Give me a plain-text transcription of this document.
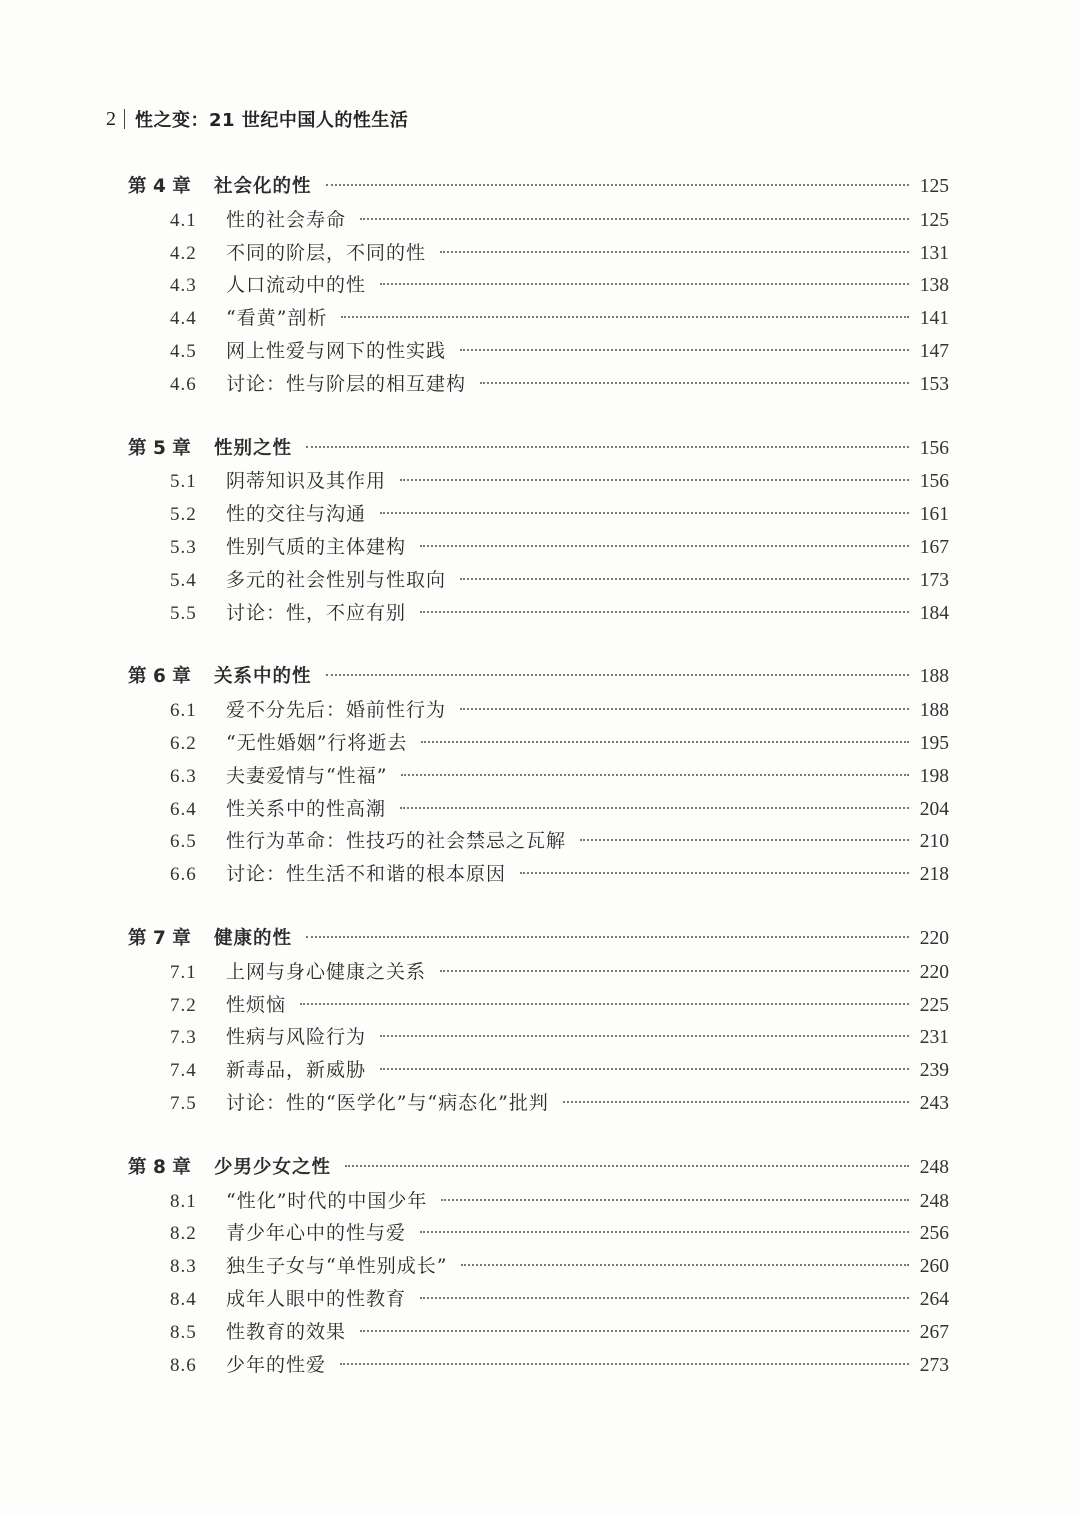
2 性之变：21 世纪中国人的性生活
第 4 章	社会化的性	125
4.1	性的社会寿命	125
4.2	不同的阶层，不同的性	131
4.3	人口流动中的性	138
4.4	“看黄”剖析	141
4.5	网上性爱与网下的性实践	147
4.6	讨论：性与阶层的相互建构	153
第 5 章	性别之性	156
5.1	阴蒂知识及其作用	156
5.2	性的交往与沟通	161
5.3	性别气质的主体建构	167
5.4	多元的社会性别与性取向	173
5.5	讨论：性，不应有别	184
第 6 章	关系中的性	188
6.1	爱不分先后：婚前性行为	188
6.2	“无性婚姻”行将逝去	195
6.3	夫妻爱情与“性福”	198
6.4	性关系中的性高潮	204
6.5	性行为革命：性技巧的社会禁忌之瓦解	210
6.6	讨论：性生活不和谐的根本原因	218
第 7 章	健康的性	220
7.1	上网与身心健康之关系	220
7.2	性烦恼	225
7.3	性病与风险行为	231
7.4	新毒品，新威胁	239
7.5	讨论：性的“医学化”与“病态化”批判	243
第 8 章	少男少女之性	248
8.1	“性化”时代的中国少年	248
8.2	青少年心中的性与爱	256
8.3	独生子女与“单性别成长”	260
8.4	成年人眼中的性教育	264
8.5	性教育的效果	267
8.6	少年的性爱	273
